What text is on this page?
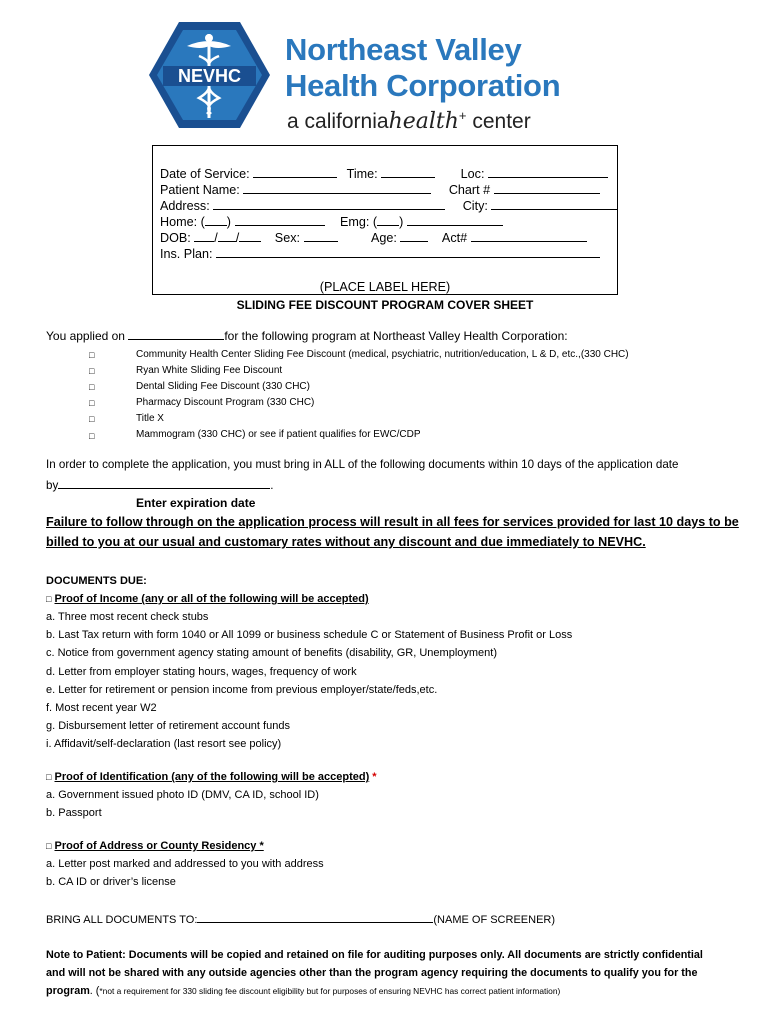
NEVHC
Northeast Valley
Health Corporation
a californiahealth+ center
Date of Service:	Time:	Loc:
Patient Name:	Chart #
Address:	City:
Home: ( )	Emg: ( )
DOB: / /	Sex:	Age:	Act#
Ins. Plan:
(PLACE LABEL HERE)
SLIDING FEE DISCOUNT PROGRAM COVER SHEET
You applied on	for the following program at Northeast Valley Health Corporation:
□	Community Health Center Sliding Fee Discount (medical, psychiatric, nutrition/education, L & D, etc.,(330 CHC)
□	Ryan White Sliding Fee Discount
□	Dental Sliding Fee Discount (330 CHC)
□	Pharmacy Discount Program (330 CHC)
□	Title X
□	Mammogram (330 CHC) or see if patient qualifies for EWC/CDP
In order to complete the application, you must bring in ALL of the following documents within 10 days of the application date
by	.
Enter expiration date
Failure to follow through on the application process will result in all fees for services provided for last 10 days to be
billed to you at our usual and customary rates without any discount and due immediately to NEVHC.
DOCUMENTS DUE:
□ Proof of Income (any or all of the following will be accepted)
a. Three most recent check stubs
b. Last Tax return with form 1040 or All 1099 or business schedule C or Statement of Business Profit or Loss
c. Notice from government agency stating amount of benefits (disability, GR, Unemployment)
d. Letter from employer stating hours, wages, frequency of work
e. Letter for retirement or pension income from previous employer/state/feds,etc.
f. Most recent year W2
g. Disbursement letter of retirement account funds
i. Affidavit/self-declaration (last resort see policy)
□ Proof of Identification (any of the following will be accepted) *
a. Government issued photo ID (DMV, CA ID, school ID)
b. Passport
□ Proof of Address or County Residency *
a. Letter post marked and addressed to you with address
b. CA ID or driver’s license
BRING ALL DOCUMENTS TO:	(NAME OF SCREENER)
Note to Patient: Documents will be copied and retained on file for auditing purposes only. All documents are strictly confidential
and will not be shared with any outside agencies other than the program agency requiring the documents to qualify you for the
program. (*not a requirement for 330 sliding fee discount eligibility but for purposes of ensuring NEVHC has correct patient information)
